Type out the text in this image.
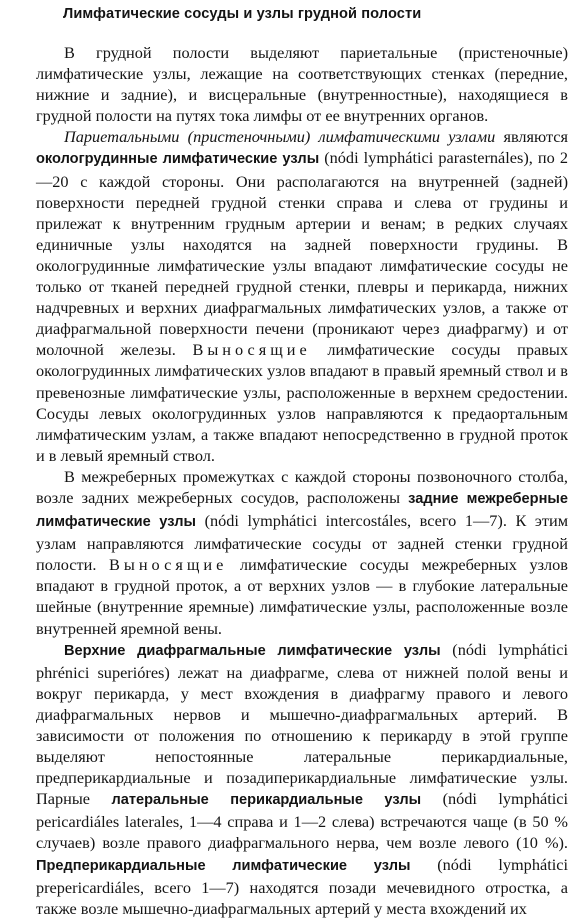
Лимфатические сосуды и узлы грудной полости

В грудной полости выделяют париетальные (пристеночные) лимфатические узлы, лежащие на соответствующих стенках (передние, нижние и задние), и висцеральные (внутренностные), находящиеся в грудной полости на путях тока лимфы от ее внутренних органов.

Париетальными (пристеночными) лимфатическими узлами являются окологрудинные лимфатические узлы (nódi lymphátici parasternáles), по 2—20 с каждой стороны. Они располагаются на внутренней (задней) поверхности передней грудной стенки справа и слева от грудины и прилежат к внутренним грудным артерии и венам; в редких случаях единичные узлы находятся на задней поверхности грудины. В окологрудинные лимфатические узлы впадают лимфатические сосуды не только от тканей передней грудной стенки, плевры и перикарда, нижних надчревных и верхних диафрагмальных лимфатических узлов, а также от диафрагмальной поверхности печени (проникают через диафрагму) и от молочной железы. Выносящие лимфатические сосуды правых окологрудинных лимфатических узлов впадают в правый яремный ствол и в превенозные лимфатические узлы, расположенные в верхнем средостении. Сосуды левых окологрудинных узлов направляются к предаортальным лимфатическим узлам, а также впадают непосредственно в грудной проток и в левый яремный ствол.

В межреберных промежутках с каждой стороны позвоночного столба, возле задних межреберных сосудов, расположены задние межреберные лимфатические узлы (nódi lymphátici intercostáles, всего 1—7). К этим узлам направляются лимфатические сосуды от задней стенки грудной полости. Выносящие лимфатические сосуды межреберных узлов впадают в грудной проток, а от верхних узлов — в глубокие латеральные шейные (внутренние яремные) лимфатические узлы, расположенные возле внутренней яремной вены.

Верхние диафрагмальные лимфатические узлы (nódi lymphátici phrénici superióres) лежат на диафрагме, слева от нижней полой вены и вокруг перикарда, у мест вхождения в диафрагму правого и левого диафрагмальных нервов и мышечно-диафрагмальных артерий. В зависимости от положения по отношению к перикарду в этой группе выделяют непостоянные латеральные перикардиальные, предперикардиальные и позадиперикардиальные лимфатические узлы. Парные латеральные перикардиальные узлы (nódi lymphátici pericardiáles laterales, 1—4 справа и 1—2 слева) встречаются чаще (в 50 % случаев) возле правого диафрагмального нерва, чем возле левого (10 %). Предперикардиальные лимфатические узлы (nódi lymphátici prepericardiáles, всего 1—7) находятся позади мечевидного отростка, а также возле мышечно-диафрагмальных артерий у места вхождений их
